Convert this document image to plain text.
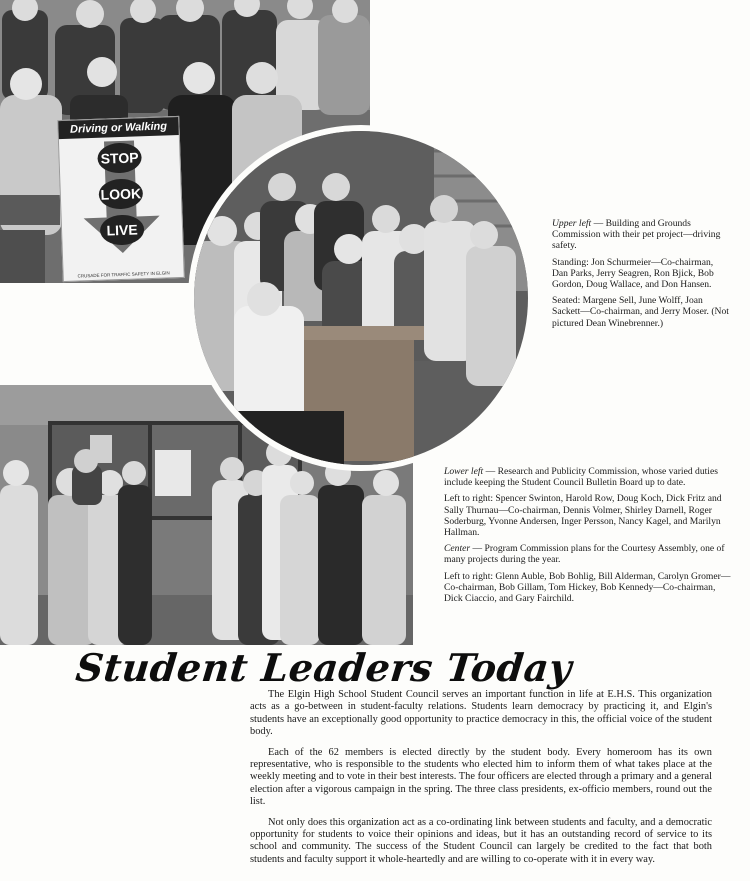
Driving or Walking
STOP
LOOK
LIVE
CRUSADE FOR TRAFFIC SAFETY IN ELGIN

Upper left — Building and Grounds Commission with their pet project—driving safety.

Standing: Jon Schurmeier—Co-chairman, Dan Parks, Jerry Seagren, Ron Bjick, Bob Gordon, Doug Wallace, and Don Hansen.

Seated: Margene Sell, June Wolff, Joan Sackett—Co-chairman, and Jerry Moser. (Not pictured Dean Winebrenner.)

Lower left — Research and Publicity Commission, whose varied duties include keeping the Student Council Bulletin Board up to date.

Left to right: Spencer Swinton, Harold Row, Doug Koch, Dick Fritz and Sally Thurnau—Co-chairman, Dennis Volmer, Shirley Darnell, Roger Soderburg, Yvonne Andersen, Inger Persson, Nancy Kagel, and Marilyn Hallman.

Center — Program Commission plans for the Courtesy Assembly, one of many projects during the year.

Left to right: Glenn Auble, Bob Bohlig, Bill Alderman, Carolyn Gromer—Co-chairman, Bob Gillam, Tom Hickey, Bob Kennedy—Co-chairman, Dick Ciaccio, and Gary Fairchild.

Student Leaders Today

The Elgin High School Student Council serves an important function in life at E.H.S. This organization acts as a go-between in student-faculty relations. Students learn democracy by practicing it, and Elgin's students have an exceptionally good opportunity to practice democracy in this, the official voice of the student body.

Each of the 62 members is elected directly by the student body. Every homeroom has its own representative, who is responsible to the students who elected him to inform them of what takes place at the weekly meeting and to vote in their best interests. The four officers are elected through a primary and a general election after a vigorous campaign in the spring. The three class presidents, ex-officio members, round out the list.

Not only does this organization act as a co-ordinating link between students and faculty, and a democratic opportunity for students to voice their opinions and ideas, but it has an outstanding record of service to its school and community. The success of the Student Council can largely be credited to the fact that both students and faculty support it whole-heartedly and are willing to co-operate with it in every way.
